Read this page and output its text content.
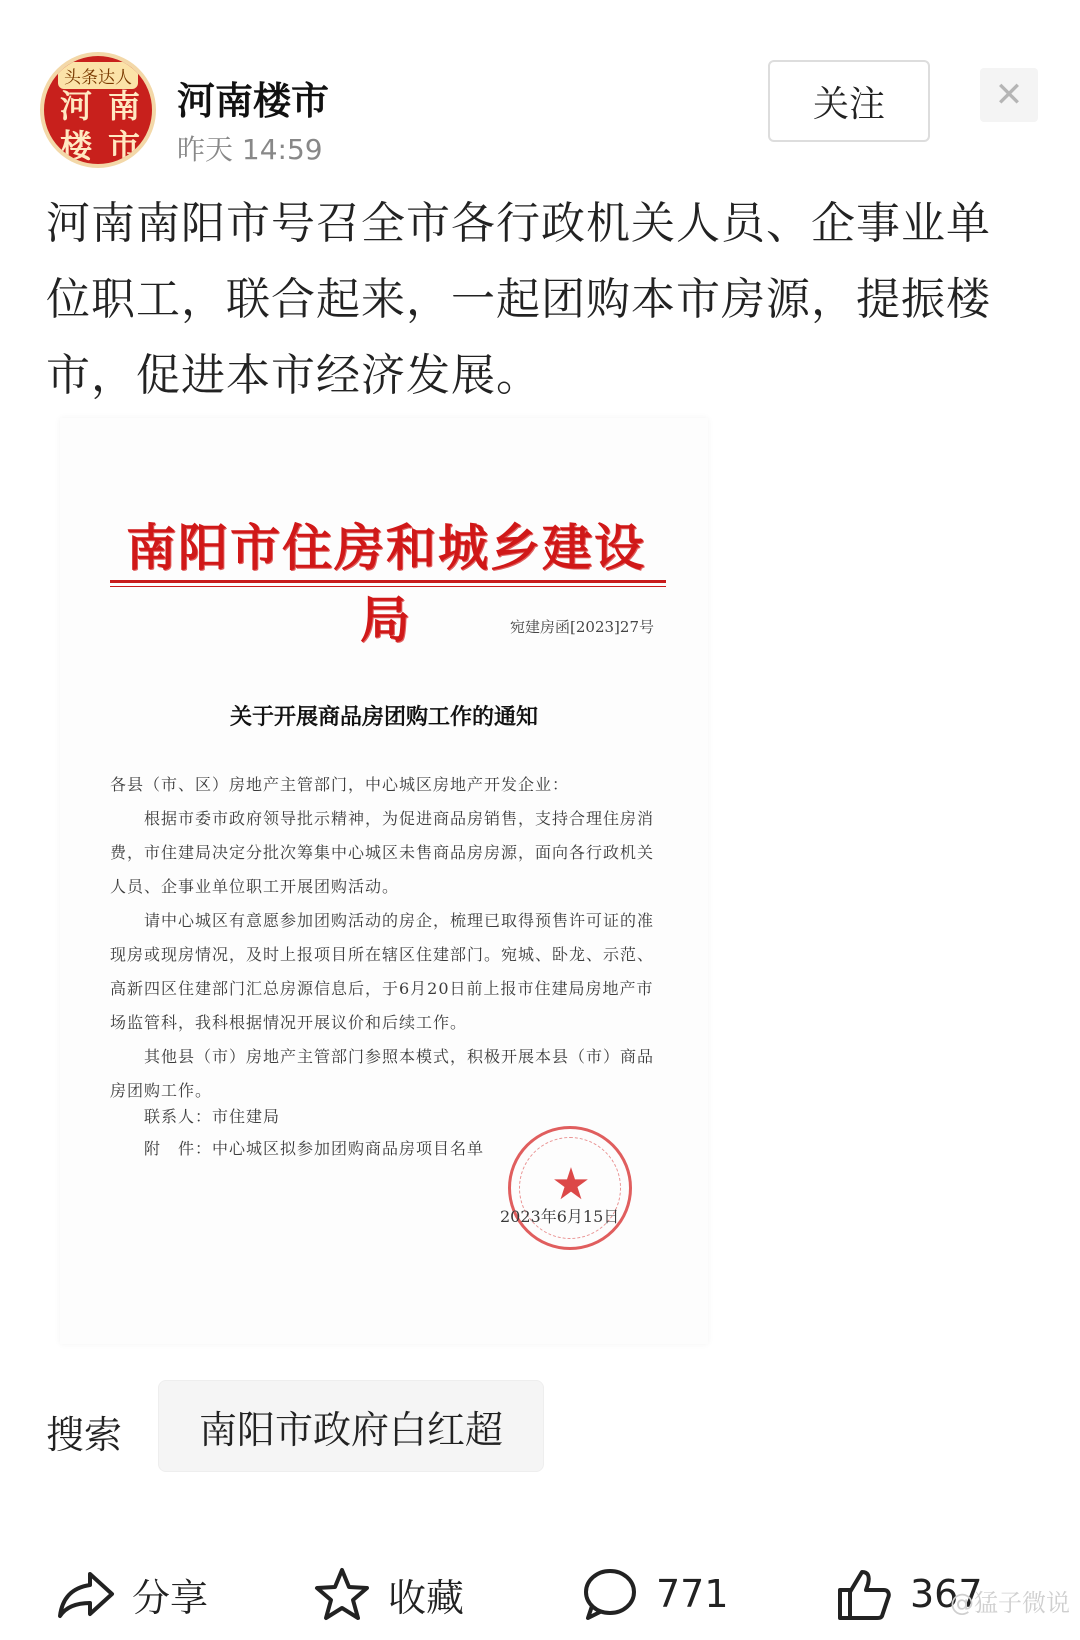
头条达人
河 南
楼 市
河南楼市
昨天 14:59
关注	✕
河南南阳市号召全市各行政机关人员、企事业单位职工，联合起来，一起团购本市房源，提振楼市，促进本市经济发展。
南阳市住房和城乡建设局	宛建房函[2023]27号
关于开展商品房团购工作的通知

各县（市、区）房地产主管部门，中心城区房地产开发企业：

根据市委市政府领导批示精神，为促进商品房销售，支持合理住房消费，市住建局决定分批次筹集中心城区未售商品房房源，面向各行政机关人员、企事业单位职工开展团购活动。

请中心城区有意愿参加团购活动的房企，梳理已取得预售许可证的准现房或现房情况，及时上报项目所在辖区住建部门。宛城、卧龙、示范、高新四区住建部门汇总房源信息后，于6月20日前上报市住建局房地产市场监管科，我科根据情况开展议价和后续工作。

其他县（市）房地产主管部门参照本模式，积极开展本县（市）商品房团购工作。

联系人：市住建局
附　件：中心城区拟参加团购商品房项目名单
★
2023年6月15日
搜索	南阳市政府白红超
分享	收藏	771	367
@猛子微说
